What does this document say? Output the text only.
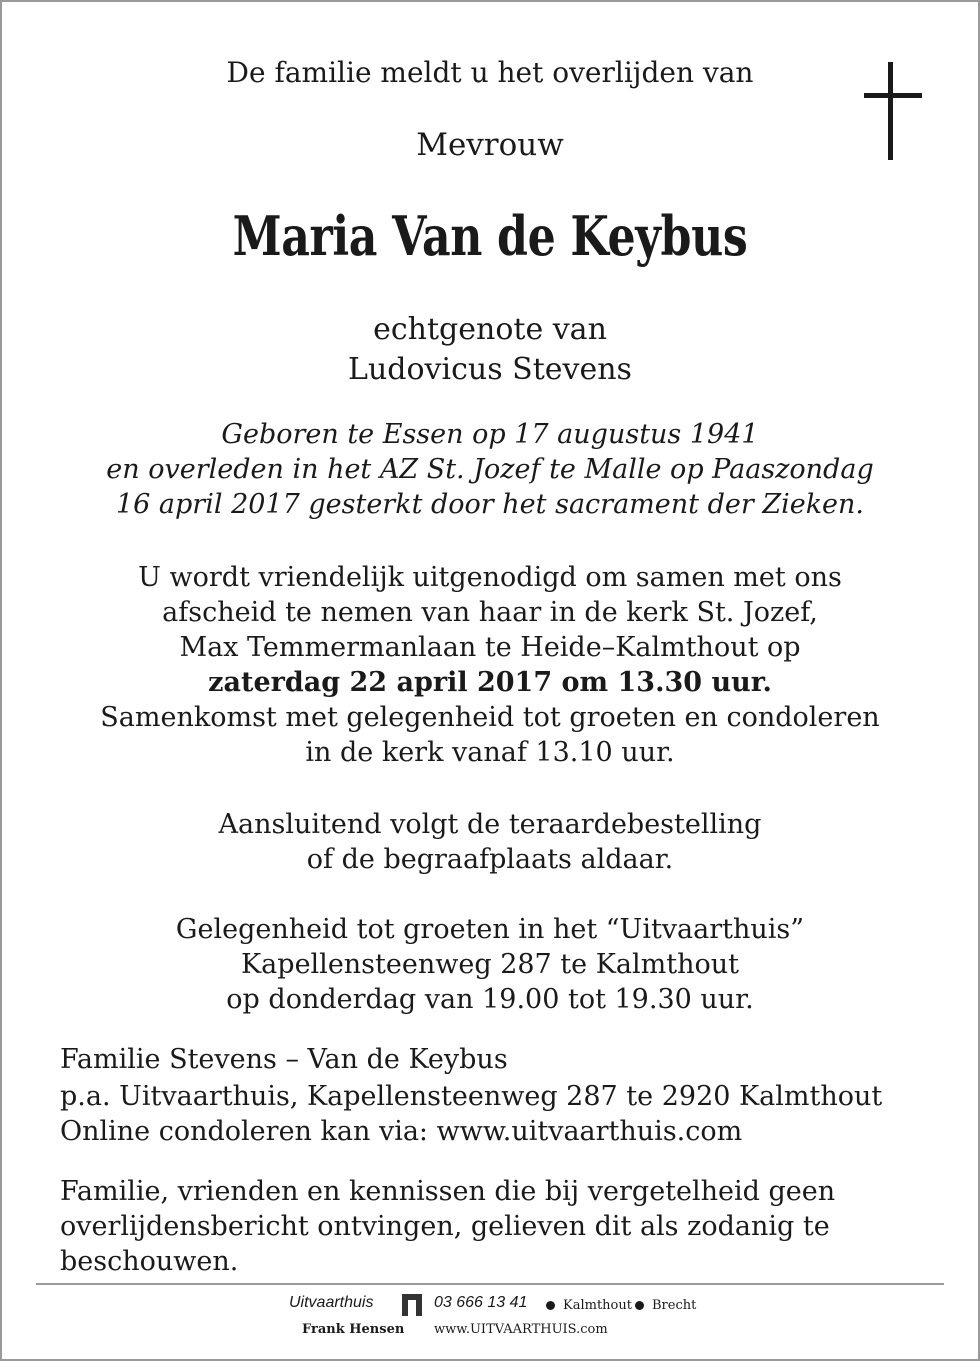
De familie meldt u het overlijden van
Mevrouw
Maria Van de Keybus
echtgenote van
Ludovicus Stevens
Geboren te Essen op 17 augustus 1941
en overleden in het AZ St. Jozef te Malle op Paaszondag
16 april 2017 gesterkt door het sacrament der Zieken.
U wordt vriendelijk uitgenodigd om samen met ons
afscheid te nemen van haar in de kerk St. Jozef,
Max Temmermanlaan te Heide–Kalmthout op
zaterdag 22 april 2017 om 13.30 uur.
Samenkomst met gelegenheid tot groeten en condoleren
in de kerk vanaf 13.10 uur.
Aansluitend volgt de teraardebestelling
of de begraafplaats aldaar.
Gelegenheid tot groeten in het “Uitvaarthuis”
Kapellensteenweg 287 te Kalmthout
op donderdag van 19.00 tot 19.30 uur.
Familie Stevens – Van de Keybus
p.a. Uitvaarthuis, Kapellensteenweg 287 te 2920 Kalmthout
Online condoleren kan via: www.uitvaarthuis.com
Familie, vrienden en kennissen die bij vergetelheid geen
overlijdensbericht ontvingen, gelieven dit als zodanig te
beschouwen.
Uitvaarthuis	03 666 13 41	Kalmthout Brecht
Frank Hensen www.UITVAARTHUIS.com
